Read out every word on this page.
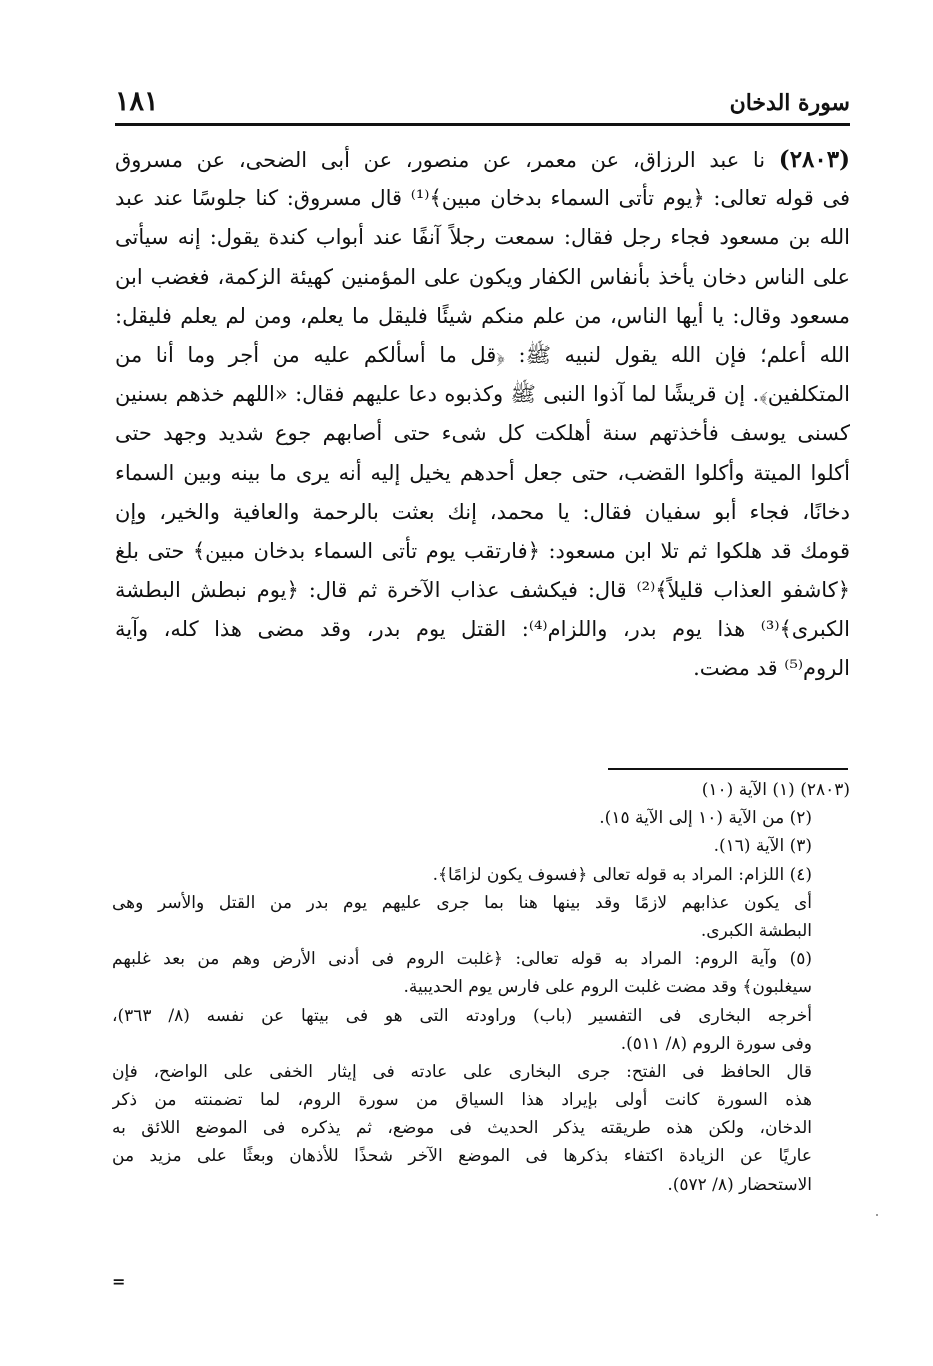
سورة الدخان
١٨١
(٢٨٠٣) نا عبد الرزاق، عن معمر، عن منصور، عن أبى الضحى، عن مسروق
فى قوله تعالى: ﴿يوم تأتى السماء بدخان مبين﴾⁽¹⁾ قال مسروق: كنا جلوسًا عند عبد
الله بن مسعود فجاء رجل فقال: سمعت رجلاً آنفًا عند أبواب كندة يقول: إنه سيأتى
على الناس دخان يأخذ بأنفاس الكفار ويكون على المؤمنين كهيئة الزكمة، فغضب ابن
مسعود وقال: يا أيها الناس، من علم منكم شيئًا فليقل ما يعلم، ومن لم يعلم فليقل:
الله أعلم؛ فإن الله يقول لنبيه ﷺ: ﴿قل ما أسألكم عليه من أجر وما أنا من
المتكلفين﴾. إن قريشًا لما آذوا النبى ﷺ وكذبوه دعا عليهم فقال: «اللهم خذهم بسنين
كسنى يوسف فأخذتهم سنة أهلكت كل شىء حتى أصابهم جوع شديد وجهد حتى
أكلوا الميتة وأكلوا القضب، حتى جعل أحدهم يخيل إليه أنه يرى ما بينه وبين السماء
دخانًا، فجاء أبو سفيان فقال: يا محمد، إنك بعثت بالرحمة والعافية والخير، وإن
قومك قد هلكوا ثم تلا ابن مسعود: ﴿فارتقب يوم تأتى السماء بدخان مبين﴾ حتى بلغ
﴿كاشفو العذاب قليلاً﴾⁽²⁾ قال: فيكشف عذاب الآخرة ثم قال: ﴿يوم نبطش البطشة
الكبرى﴾⁽³⁾ هذا يوم بدر، واللزام⁽⁴⁾: القتل يوم بدر، وقد مضى هذا كله، وآية
الروم⁽⁵⁾ قد مضت.
(٢٨٠٣) (١) الآية (١٠)
(٢) من الآية (١٠ إلى الآية ١٥).
(٣) الآية (١٦).
(٤) اللزام: المراد به قوله تعالى ﴿فسوف يكون لزامًا﴾.
أى يكون عذابهم لازمًا وقد بينها هنا بما جرى عليهم يوم بدر من القتل والأسر وهى
البطشة الكبرى.
(٥) وآية الروم: المراد به قوله تعالى: ﴿غلبت الروم فى أدنى الأرض وهم من بعد غلبهم
سيغلبون﴾ وقد مضت غلبت الروم على فارس يوم الحديبية.
أخرجه البخارى فى التفسير (باب) وراودته التى هو فى بيتها عن نفسه (٨/ ٣٦٣)،
وفى سورة الروم (٨/ ٥١١).
قال الحافظ فى الفتح: جرى البخارى على عادته فى إيثار الخفى على الواضح، فإن
هذه السورة كانت أولى بإيراد هذا السياق من سورة الروم، لما تضمنته من ذكر
الدخان، ولكن هذه طريقته يذكر الحديث فى موضع، ثم يذكره فى الموضع اللائق به
عاريًا عن الزيادة اكتفاء بذكرها فى الموضع الآخر شحذًا للأذهان وبعثًا على مزيد من
الاستحضار (٨/ ٥٧٢).
=
